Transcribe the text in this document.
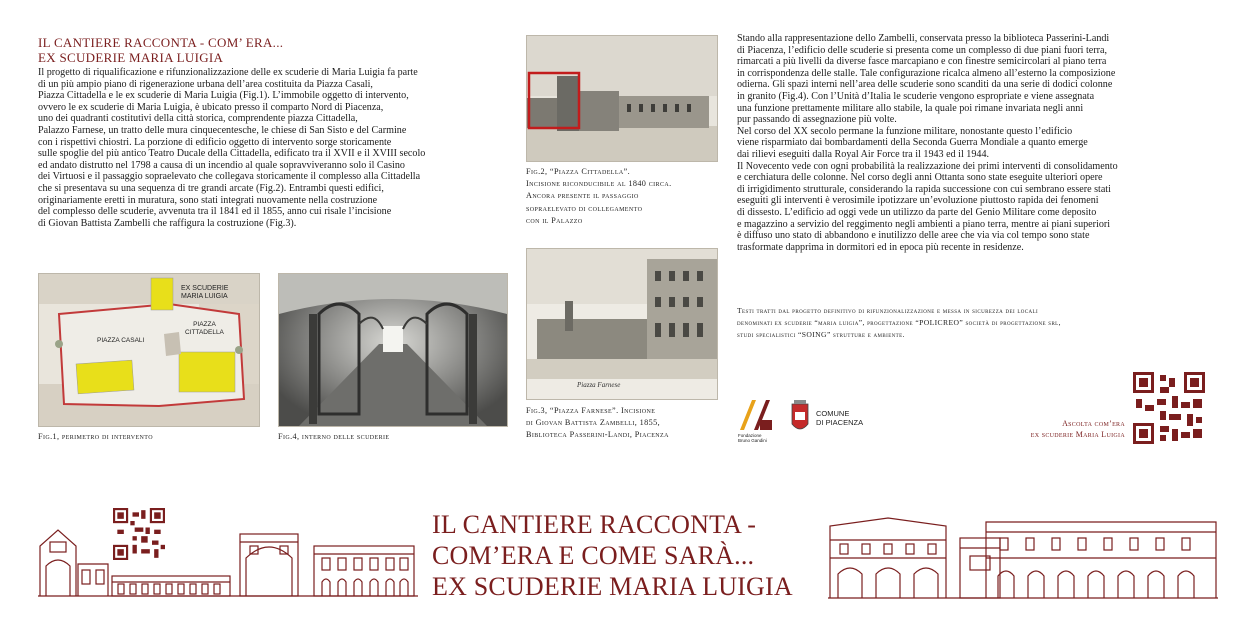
IL CANTIERE RACCONTA - COM’ ERA...
EX SCUDERIE MARIA LUIGIA
Il progetto di riqualificazione e rifunzionalizzazione delle ex scuderie di Maria Luigia fa parte
di un più ampio piano di rigenerazione urbana dell’area costituita da Piazza Casali,
Piazza Cittadella e le ex scuderie di Maria Luigia (Fig.1). L’immobile oggetto di intervento,
ovvero le ex scuderie di Maria Luigia, è ubicato presso il comparto Nord di Piacenza,
uno dei quadranti costitutivi della città storica, comprendente piazza Cittadella,
Palazzo Farnese, un tratto delle mura cinquecentesche, le chiese di San Sisto e del Carmine
con i rispettivi chiostri. La porzione di edificio oggetto di intervento sorge storicamente
sulle spoglie del più antico Teatro Ducale della Cittadella, edificato tra il XVII e il XVIII secolo
ed andato distrutto nel 1798 a causa di un incendio al quale sopravviveranno solo il Casino
dei Virtuosi e il passaggio sopraelevato che collegava storicamente il complesso alla Cittadella
che si presentava su una sequenza di tre grandi arcate (Fig.2). Entrambi questi edifici,
originariamente eretti in muratura, sono stati integrati nuovamente nella costruzione
del complesso delle scuderie, avvenuta tra il 1841 ed il 1855, anno cui risale l’incisione
di Giovan Battista Zambelli che raffigura la costruzione (Fig.3).
EX SCUDERIE
MARIA LUIGIA
PIAZZA CASALI
PIAZZA
CITTADELLA
Fig.1, perimetro di intervento	Fig.4, interno delle scuderie
Fig.2, “Piazza Cittadella”.
Incisione riconducibile al 1840 circa.
Ancora presente il passaggio
sopraelevato di collegamento
con il Palazzo
Piazza Farnese
Fig.3, “Piazza Farnese”. Incisione
di Giovan Battista Zambelli, 1855,
Biblioteca Passerini-Landi, Piacenza
Stando alla rappresentazione dello Zambelli, conservata presso la biblioteca Passerini-Landi
di Piacenza, l’edificio delle scuderie si presenta come un complesso di due piani fuori terra,
rimarcati a più livelli da diverse fasce marcapiano e con finestre semicircolari al piano terra
in corrispondenza delle stalle. Tale configurazione ricalca almeno all’esterno la composizione
odierna. Gli spazi interni nell’area delle scuderie sono scanditi da una serie di dodici colonne
in granito (Fig.4). Con l’Unità d’Italia le scuderie vengono espropriate e viene assegnata
una funzione prettamente militare allo stabile, la quale poi rimane invariata negli anni
pur passando di assegnazione più volte.
Nel corso del XX secolo permane la funzione militare, nonostante questo l’edificio
viene risparmiato dai bombardamenti della Seconda Guerra Mondiale a quanto emerge
dai rilievi eseguiti dalla Royal Air Force tra il 1943 ed il 1944.
Il Novecento vede con ogni probabilità la realizzazione dei primi interventi di consolidamento
e cerchiatura delle colonne. Nel corso degli anni Ottanta sono state eseguite ulteriori opere
di irrigidimento strutturale, considerando la rapida successione con cui sembrano essere stati
eseguiti gli interventi è verosimile ipotizzare un’evoluzione piuttosto rapida dei fenomeni
di dissesto. L’edificio ad oggi vede un utilizzo da parte del Genio Militare come deposito
e magazzino a servizio del reggimento negli ambienti a piano terra, mentre ai piani superiori
è diffuso uno stato di abbandono e inutilizzo delle aree che via via col tempo sono state
trasformate dapprima in dormitori ed in epoca più recente in residenze.
Testi tratti dal progetto definitivo di rifunzionalizzazione e messa in sicurezza dei locali
denominati ex scuderie “maria luigia”, progettazione “POLICREO” società di progettazione srl,
studi specialistici “SOING” strutture e ambiente.
Fondazione
Bruno Gandini
COMUNE
DI PIACENZA	Ascolta com’era
ex scuderie Maria Luigia
IL CANTIERE RACCONTA -
COM’ERA E COME SARÀ...
EX SCUDERIE MARIA LUIGIA
